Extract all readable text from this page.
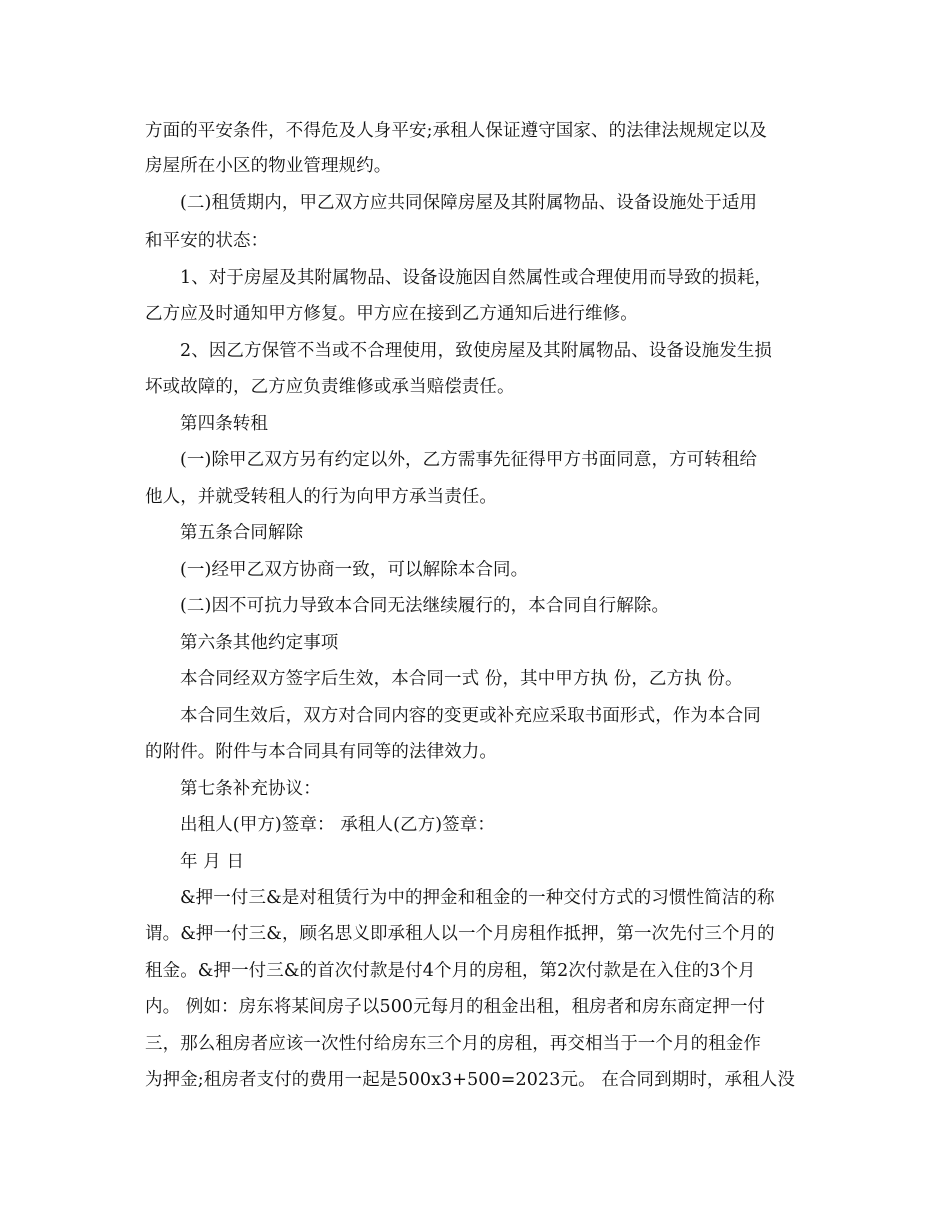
方面的平安条件，不得危及人身平安;承租人保证遵守国家、的法律法规规定以及
房屋所在小区的物业管理规约。
(二)租赁期内，甲乙双方应共同保障房屋及其附属物品、设备设施处于适用
和平安的状态：
1、对于房屋及其附属物品、设备设施因自然属性或合理使用而导致的损耗，
乙方应及时通知甲方修复。甲方应在接到乙方通知后进行维修。
2、因乙方保管不当或不合理使用，致使房屋及其附属物品、设备设施发生损
坏或故障的，乙方应负责维修或承当赔偿责任。
第四条转租
(一)除甲乙双方另有约定以外，乙方需事先征得甲方书面同意，方可转租给
他人，并就受转租人的行为向甲方承当责任。
第五条合同解除
(一)经甲乙双方协商一致，可以解除本合同。
(二)因不可抗力导致本合同无法继续履行的，本合同自行解除。
第六条其他约定事项
本合同经双方签字后生效，本合同一式 份，其中甲方执 份，乙方执 份。
本合同生效后，双方对合同内容的变更或补充应采取书面形式，作为本合同
的附件。附件与本合同具有同等的法律效力。
第七条补充协议：
出租人(甲方)签章： 承租人(乙方)签章：
年 月 日
&押一付三&是对租赁行为中的押金和租金的一种交付方式的习惯性简洁的称
谓。&押一付三&，顾名思义即承租人以一个月房租作抵押，第一次先付三个月的
租金。&押一付三&的首次付款是付4个月的房租，第2次付款是在入住的3个月
内。 例如：房东将某间房子以500元每月的租金出租，租房者和房东商定押一付
三，那么租房者应该一次性付给房东三个月的房租，再交相当于一个月的租金作
为押金;租房者支付的费用一起是500x3+500=2023元。 在合同到期时，承租人没
